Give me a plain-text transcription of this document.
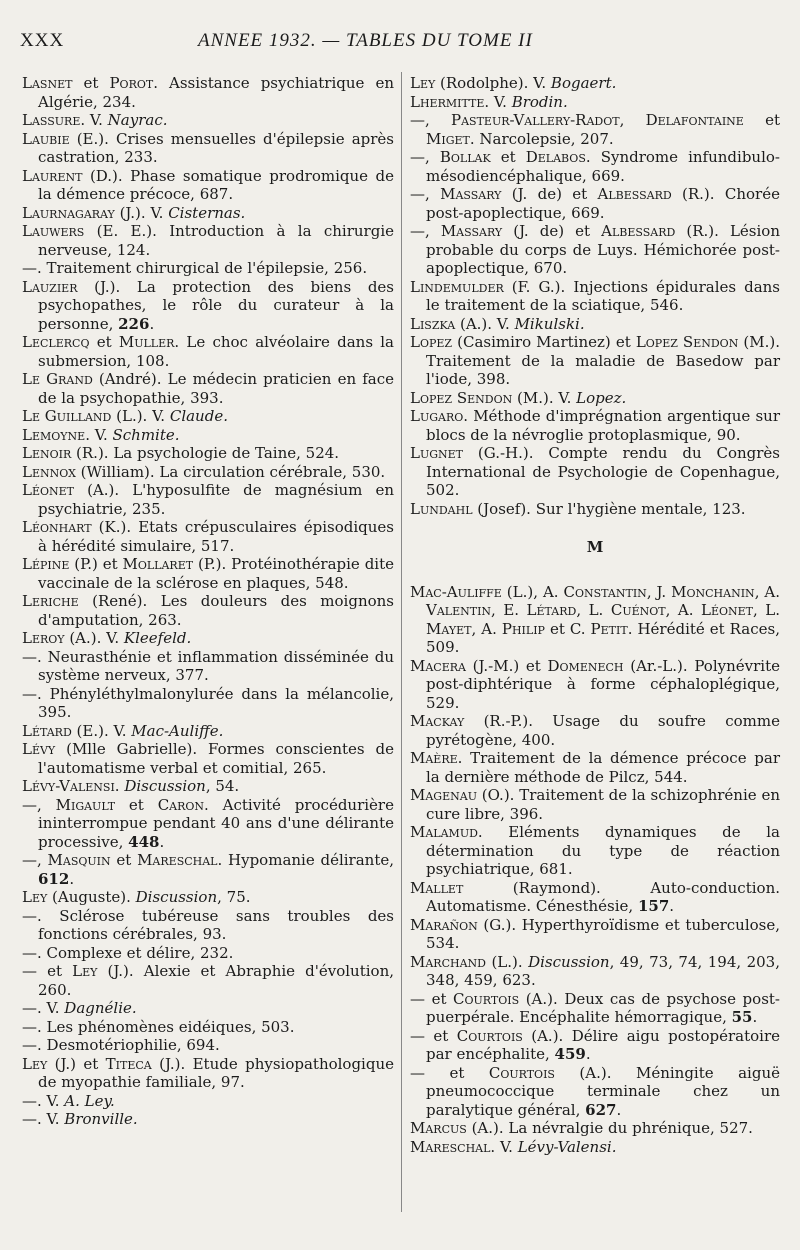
XXX	ANNEE 1932. — TABLES DU TOME II

Lasnet et Porot. Assistance psychiatrique en Algérie, 234.

Lassure. V. Nayrac.

Laubie (E.). Crises mensuelles d'épilepsie après castration, 233.

Laurent (D.). Phase somatique prodromique de la démence précoce, 687.

Laurnagaray (J.). V. Cisternas.

Lauwers (E. E.). Introduction à la chirurgie nerveuse, 124.

—. Traitement chirurgical de l'épilepsie, 256.

Lauzier (J.). La protection des biens des psychopathes, le rôle du curateur à la personne, 226.

Leclercq et Muller. Le choc alvéolaire dans la submersion, 108.

Le Grand (André). Le médecin praticien en face de la psychopathie, 393.

Le Guilland (L.). V. Claude.

Lemoyne. V. Schmite.

Lenoir (R.). La psychologie de Taine, 524.

Lennox (William). La circulation cérébrale, 530.

Léonet (A.). L'hyposulfite de magnésium en psychiatrie, 235.

Léonhart (K.). Etats crépusculaires épisodiques à hérédité simulaire, 517.

Lépine (P.) et Mollaret (P.). Protéinothérapie dite vaccinale de la sclérose en plaques, 548.

Leriche (René). Les douleurs des moignons d'amputation, 263.

Leroy (A.). V. Kleefeld.

—. Neurasthénie et inflammation disséminée du système nerveux, 377.

—. Phényléthylmalonylurée dans la mélancolie, 395.

Létard (E.). V. Mac-Auliffe.

Lévy (Mlle Gabrielle). Formes conscientes de l'automatisme verbal et comitial, 265.

Lévy-Valensi. Discussion, 54.

—, Migault et Caron. Activité procédurière ininterrompue pendant 40 ans d'une délirante processive, 448.

—, Masquin et Mareschal. Hypomanie délirante, 612.

Ley (Auguste). Discussion, 75.

—. Sclérose tubéreuse sans troubles des fonctions cérébrales, 93.

—. Complexe et délire, 232.

— et Ley (J.). Alexie et Abraphie d'évolution, 260.

—. V. Dagnélie.

—. Les phénomènes eidéiques, 503.

—. Desmotériophilie, 694.

Ley (J.) et Titeca (J.). Etude physiopathologique de myopathie familiale, 97.

—. V. A. Ley.

—. V. Bronville.

Ley (Rodolphe). V. Bogaert.

Lhermitte. V. Brodin.

—, Pasteur-Vallery-Radot, Delafontaine et Miget. Narcolepsie, 207.

—, Bollak et Delabos. Syndrome infundibulo-mésodiencéphalique, 669.

—, Massary (J. de) et Albessard (R.). Chorée post-apoplectique, 669.

—, Massary (J. de) et Albessard (R.). Lésion probable du corps de Luys. Hémichorée post-apoplectique, 670.

Lindemulder (F. G.). Injections épidurales dans le traitement de la sciatique, 546.

Liszka (A.). V. Mikulski.

Lopez (Casimiro Martinez) et Lopez Sendon (M.). Traitement de la maladie de Basedow par l'iode, 398.

Lopez Sendon (M.). V. Lopez.

Lugaro. Méthode d'imprégnation argentique sur blocs de la névroglie protoplasmique, 90.

Lugnet (G.-H.). Compte rendu du Congrès International de Psychologie de Copenhague, 502.

Lundahl (Josef). Sur l'hygiène mentale, 123.

M

Mac-Auliffe (L.), A. Constantin, J. Monchanin, A. Valentin, E. Létard, L. Cuénot, A. Léonet, L. Mayet, A. Philip et C. Petit. Hérédité et Races, 509.

Macera (J.-M.) et Domenech (Ar.-L.). Polynévrite post-diphtérique à forme céphaloplégique, 529.

Mackay (R.-P.). Usage du soufre comme pyrétogène, 400.

Maère. Traitement de la démence précoce par la dernière méthode de Pilcz, 544.

Magenau (O.). Traitement de la schizophrénie en cure libre, 396.

Malamud. Eléments dynamiques de la détermination du type de réaction psychiatrique, 681.

Mallet (Raymond). Auto-conduction. Automatisme. Cénesthésie, 157.

Marañon (G.). Hyperthyroïdisme et tuberculose, 534.

Marchand (L.). Discussion, 49, 73, 74, 194, 203, 348, 459, 623.

— et Courtois (A.). Deux cas de psychose post-puerpérale. Encéphalite hémorragique, 55.

— et Courtois (A.). Délire aigu postopératoire par encéphalite, 459.

— et Courtois (A.). Méningite aiguë pneumococcique terminale chez un paralytique général, 627.

Marcus (A.). La névralgie du phrénique, 527.

Mareschal. V. Lévy-Valensi.
